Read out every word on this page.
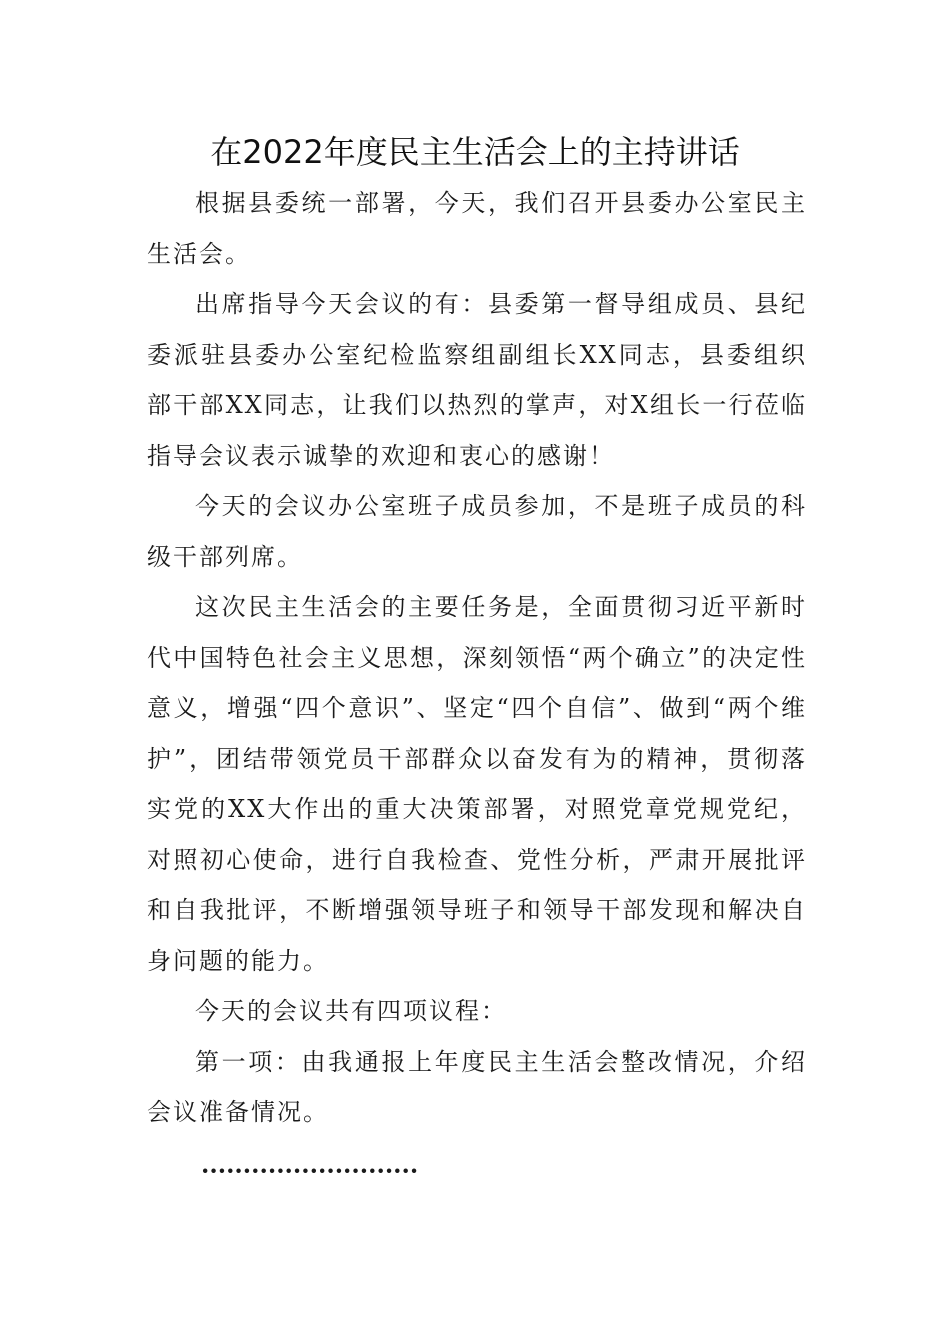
在2022年度民主生活会上的主持讲话

根据县委统一部署，今天，我们召开县委办公室民主生活会。

出席指导今天会议的有：县委第一督导组成员、县纪委派驻县委办公室纪检监察组副组长XX同志，县委组织部干部XX同志，让我们以热烈的掌声，对X组长一行莅临指导会议表示诚挚的欢迎和衷心的感谢！

今天的会议办公室班子成员参加，不是班子成员的科级干部列席。

这次民主生活会的主要任务是，全面贯彻习近平新时代中国特色社会主义思想，深刻领悟“两个确立”的决定性意义，增强“四个意识”、坚定“四个自信”、做到“两个维护”，团结带领党员干部群众以奋发有为的精神，贯彻落实党的XX大作出的重大决策部署，对照党章党规党纪，对照初心使命，进行自我检查、党性分析，严肃开展批评和自我批评，不断增强领导班子和领导干部发现和解决自身问题的能力。

今天的会议共有四项议程：

第一项：由我通报上年度民主生活会整改情况，介绍会议准备情况。

··························
